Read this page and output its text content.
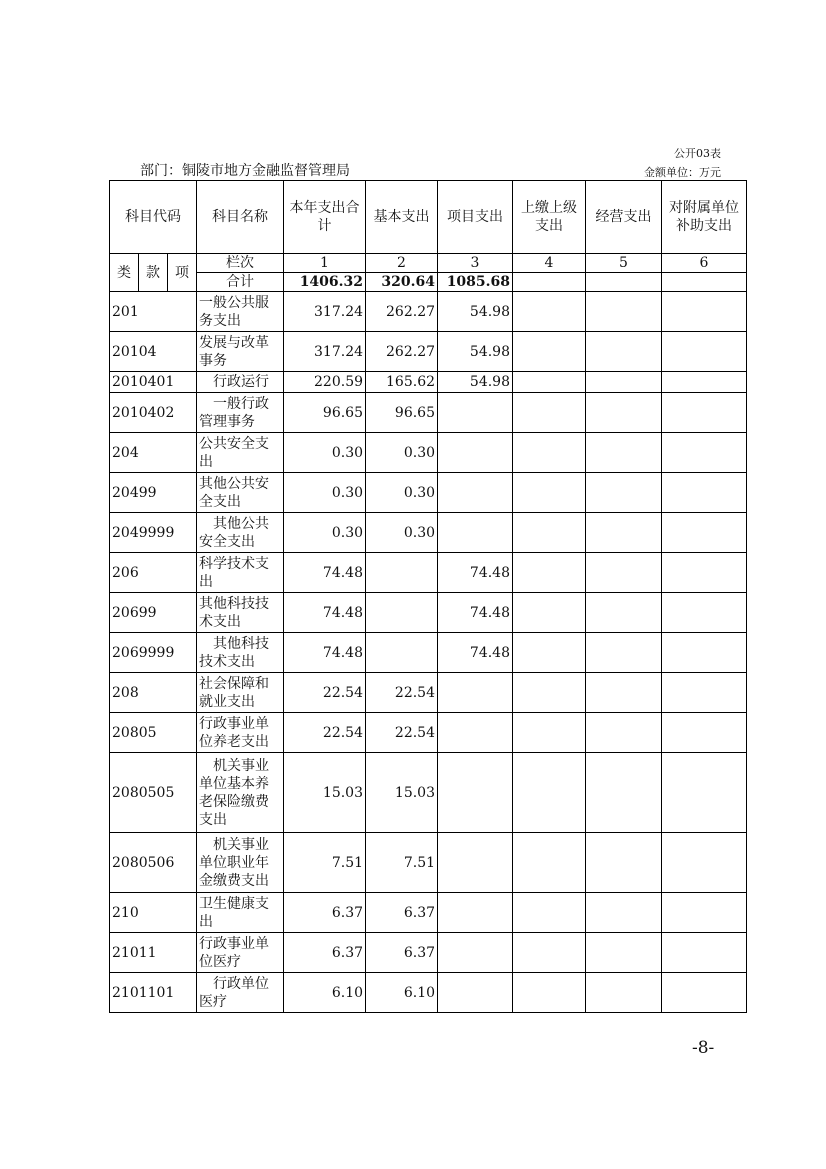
公开03表
部门：铜陵市地方金融监督管理局	金额单位：万元
科目代码			科目名称	本年支出合计	基本支出	项目支出	上缴上级支出	经营支出	对附属单位补助支出
类	款	项	栏次	1	2	3	4	5	6
			合计	1406.32	320.64	1085.68			
201			一般公共服务支出	317.24	262.27	54.98			
20104			发展与改革事务	317.24	262.27	54.98			
2010401			行政运行	220.59	165.62	54.98			
2010402			一般行政管理事务	96.65	96.65				
204			公共安全支出	0.30	0.30				
20499			其他公共安全支出	0.30	0.30				
2049999			其他公共安全支出	0.30	0.30				
206			科学技术支出	74.48		74.48			
20699			其他科技技术支出	74.48		74.48			
2069999			其他科技技术支出	74.48		74.48			
208			社会保障和就业支出	22.54	22.54				
20805			行政事业单位养老支出	22.54	22.54				
2080505			机关事业单位基本养老保险缴费支出	15.03	15.03				
2080506			机关事业单位职业年金缴费支出	7.51	7.51				
210			卫生健康支出	6.37	6.37				
21011			行政事业单位医疗	6.37	6.37				
2101101			行政单位医疗	6.10	6.10				
-8-
